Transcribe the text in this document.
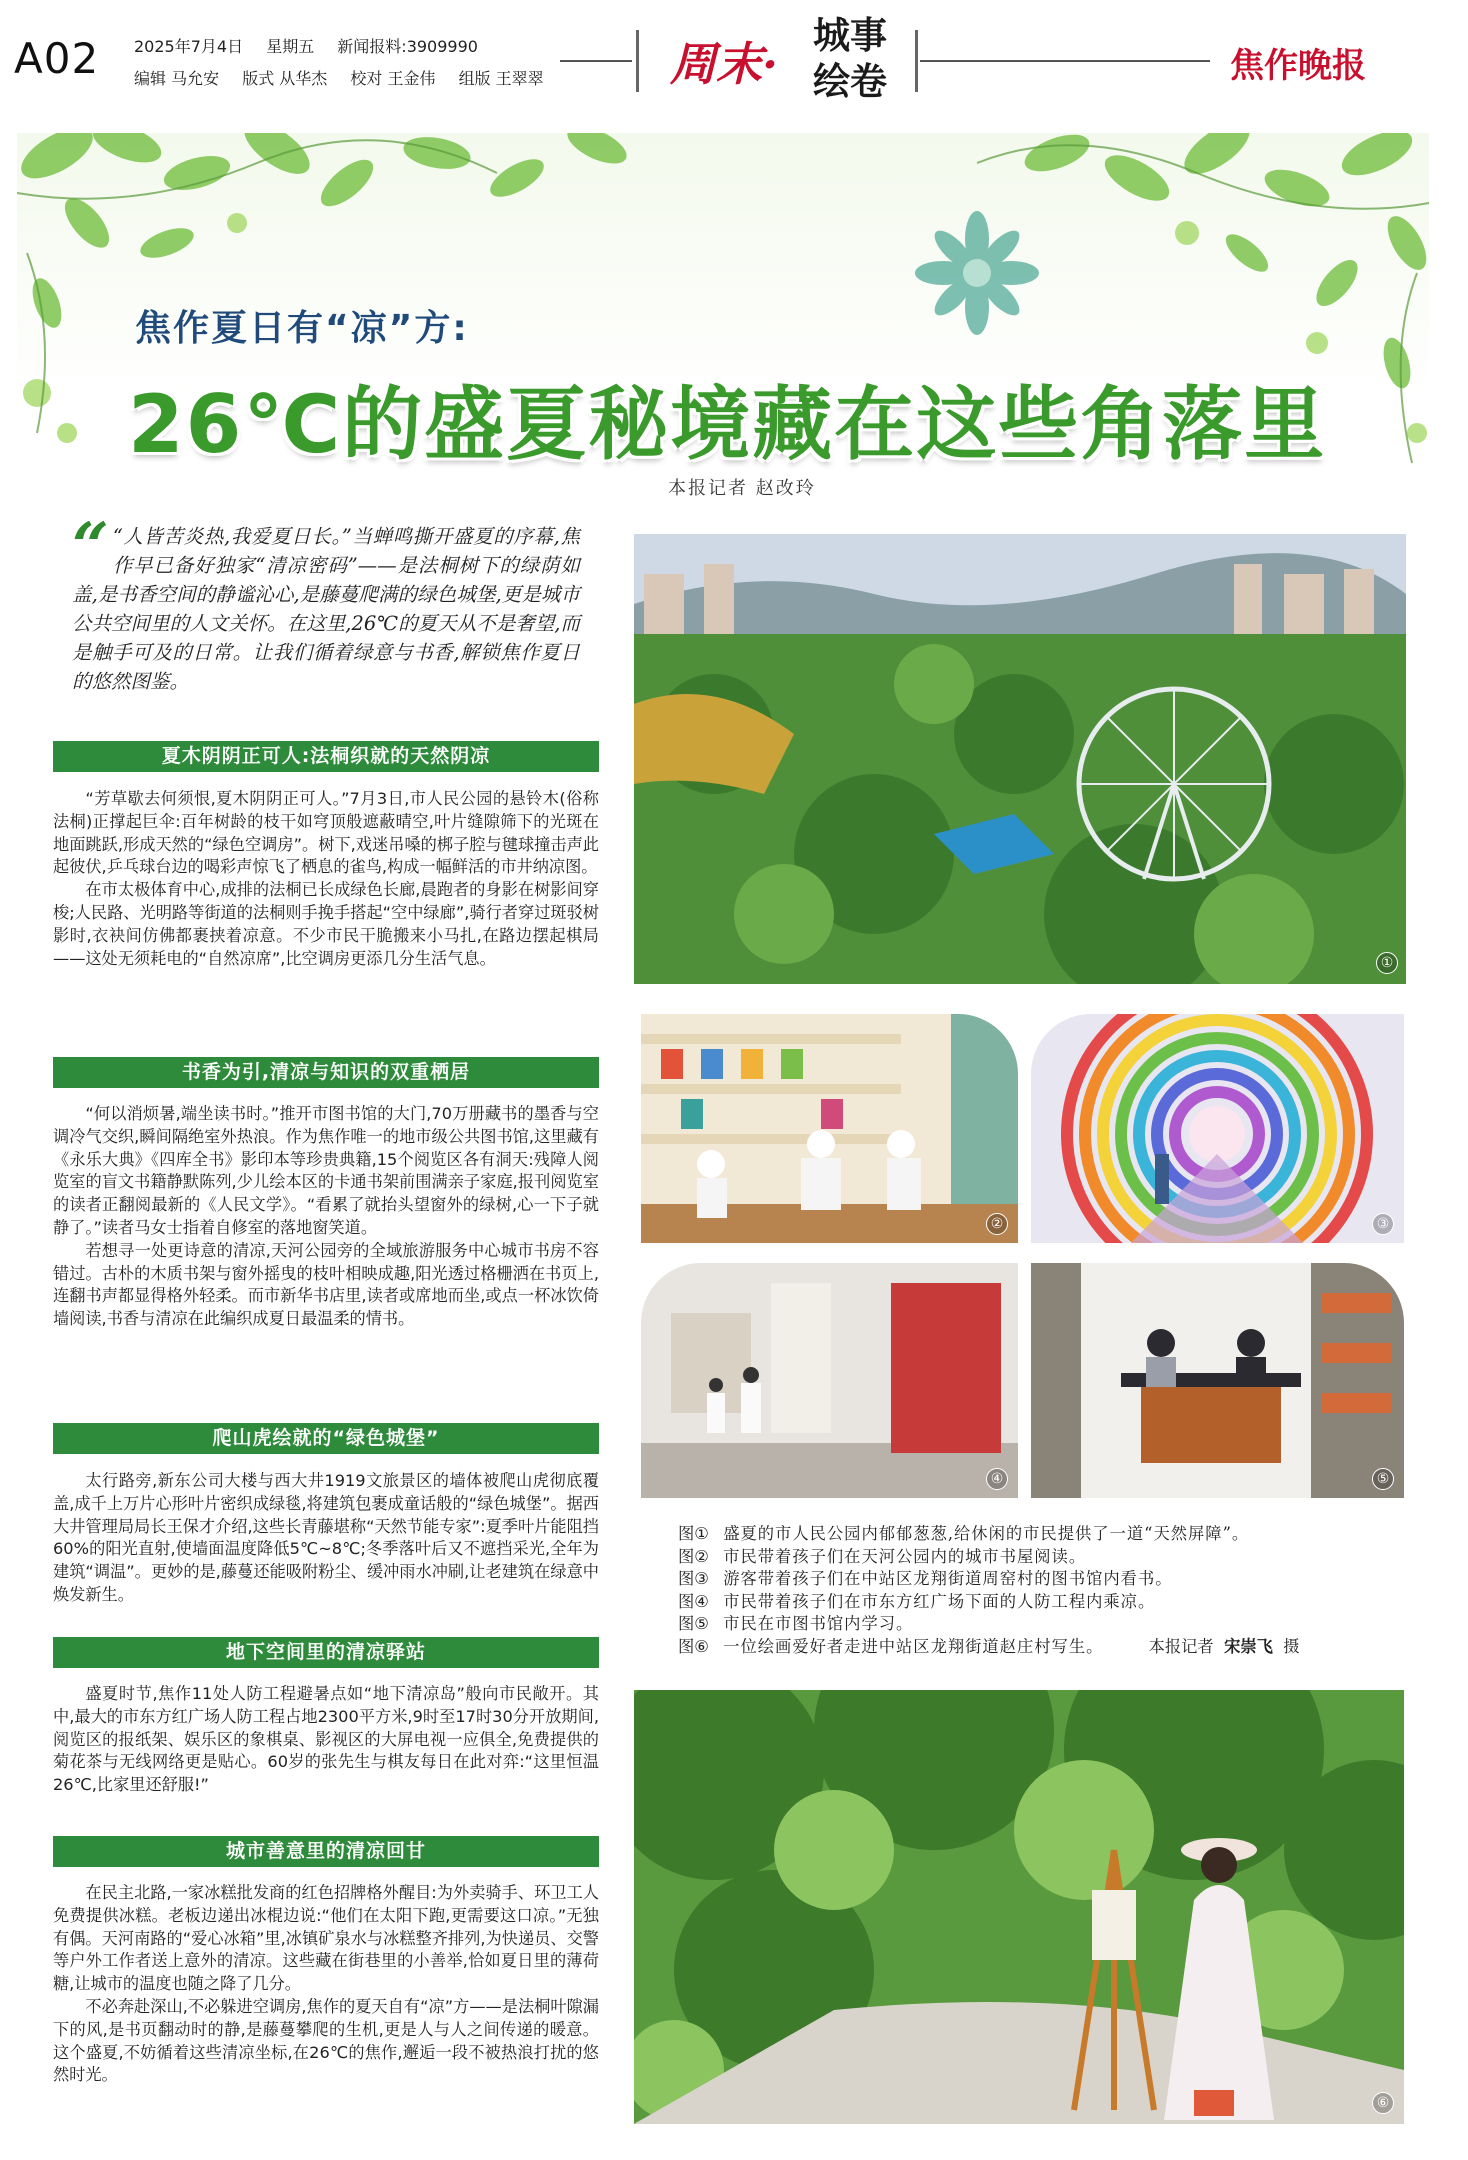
A02 2025年7月4日 星期五 新闻报料:3909990
编辑 马允安 版式 从华杰 校对 王金伟 组版 王翠翠	周末·
城事绘卷	焦作晚报
焦作夏日有“凉”方:
26℃的盛夏秘境藏在这些角落里
本报记者 赵改玲
“ “人皆苦炎热,我爱夏日长。”当蝉鸣撕开盛夏的序幕,焦作早已备好独家“清凉密码”——是法桐树下的绿荫如盖,是书香空间的静谧沁心,是藤蔓爬满的绿色城堡,更是城市公共空间里的人文关怀。在这里,26℃的夏天从不是奢望,而是触手可及的日常。让我们循着绿意与书香,解锁焦作夏日的悠然图鉴。
夏木阴阴正可人:法桐织就的天然阴凉

“芳草歇去何须恨,夏木阴阴正可人。”7月3日,市人民公园的悬铃木(俗称法桐)正撑起巨伞:百年树龄的枝干如穹顶般遮蔽晴空,叶片缝隙筛下的光斑在地面跳跃,形成天然的“绿色空调房”。树下,戏迷吊嗓的梆子腔与毽球撞击声此起彼伏,乒乓球台边的喝彩声惊飞了栖息的雀鸟,构成一幅鲜活的市井纳凉图。

在市太极体育中心,成排的法桐已长成绿色长廊,晨跑者的身影在树影间穿梭;人民路、光明路等街道的法桐则手挽手搭起“空中绿廊”,骑行者穿过斑驳树影时,衣袂间仿佛都裹挟着凉意。不少市民干脆搬来小马扎,在路边摆起棋局——这处无须耗电的“自然凉席”,比空调房更添几分生活气息。

书香为引,清凉与知识的双重栖居

“何以消烦暑,端坐读书时。”推开市图书馆的大门,70万册藏书的墨香与空调冷气交织,瞬间隔绝室外热浪。作为焦作唯一的地市级公共图书馆,这里藏有《永乐大典》《四库全书》影印本等珍贵典籍,15个阅览区各有洞天:残障人阅览室的盲文书籍静默陈列,少儿绘本区的卡通书架前围满亲子家庭,报刊阅览室的读者正翻阅最新的《人民文学》。“看累了就抬头望窗外的绿树,心一下子就静了。”读者马女士指着自修室的落地窗笑道。

若想寻一处更诗意的清凉,天河公园旁的全域旅游服务中心城市书房不容错过。古朴的木质书架与窗外摇曳的枝叶相映成趣,阳光透过格栅洒在书页上,连翻书声都显得格外轻柔。而市新华书店里,读者或席地而坐,或点一杯冰饮倚墙阅读,书香与清凉在此编织成夏日最温柔的情书。

爬山虎绘就的“绿色城堡”

太行路旁,新东公司大楼与西大井1919文旅景区的墙体被爬山虎彻底覆盖,成千上万片心形叶片密织成绿毯,将建筑包裹成童话般的“绿色城堡”。据西大井管理局局长王保才介绍,这些长青藤堪称“天然节能专家”:夏季叶片能阻挡60%的阳光直射,使墙面温度降低5℃~8℃;冬季落叶后又不遮挡采光,全年为建筑“调温”。更妙的是,藤蔓还能吸附粉尘、缓冲雨水冲刷,让老建筑在绿意中焕发新生。

地下空间里的清凉驿站

盛夏时节,焦作11处人防工程避暑点如“地下清凉岛”般向市民敞开。其中,最大的市东方红广场人防工程占地2300平方米,9时至17时30分开放期间,阅览区的报纸架、娱乐区的象棋桌、影视区的大屏电视一应俱全,免费提供的菊花茶与无线网络更是贴心。60岁的张先生与棋友每日在此对弈:“这里恒温26℃,比家里还舒服!”

城市善意里的清凉回甘

在民主北路,一家冰糕批发商的红色招牌格外醒目:为外卖骑手、环卫工人免费提供冰糕。老板边递出冰棍边说:“他们在太阳下跑,更需要这口凉。”无独有偶。天河南路的“爱心冰箱”里,冰镇矿泉水与冰糕整齐排列,为快递员、交警等户外工作者送上意外的清凉。这些藏在街巷里的小善举,恰如夏日里的薄荷糖,让城市的温度也随之降了几分。

不必奔赴深山,不必躲进空调房,焦作的夏天自有“凉”方——是法桐叶隙漏下的风,是书页翻动时的静,是藤蔓攀爬的生机,更是人与人之间传递的暖意。这个盛夏,不妨循着这些清凉坐标,在26℃的焦作,邂逅一段不被热浪打扰的悠然时光。

①
②	③
④	⑤
图① 盛夏的市人民公园内郁郁葱葱,给休闲的市民提供了一道“天然屏障”。
图② 市民带着孩子们在天河公园内的城市书屋阅读。
图③ 游客带着孩子们在中站区龙翔街道周窑村的图书馆内看书。
图④ 市民带着孩子们在市东方红广场下面的人防工程内乘凉。
图⑤ 市民在市图书馆内学习。
图⑥ 一位绘画爱好者走进中站区龙翔街道赵庄村写生。	本报记者 宋崇飞 摄
⑥
